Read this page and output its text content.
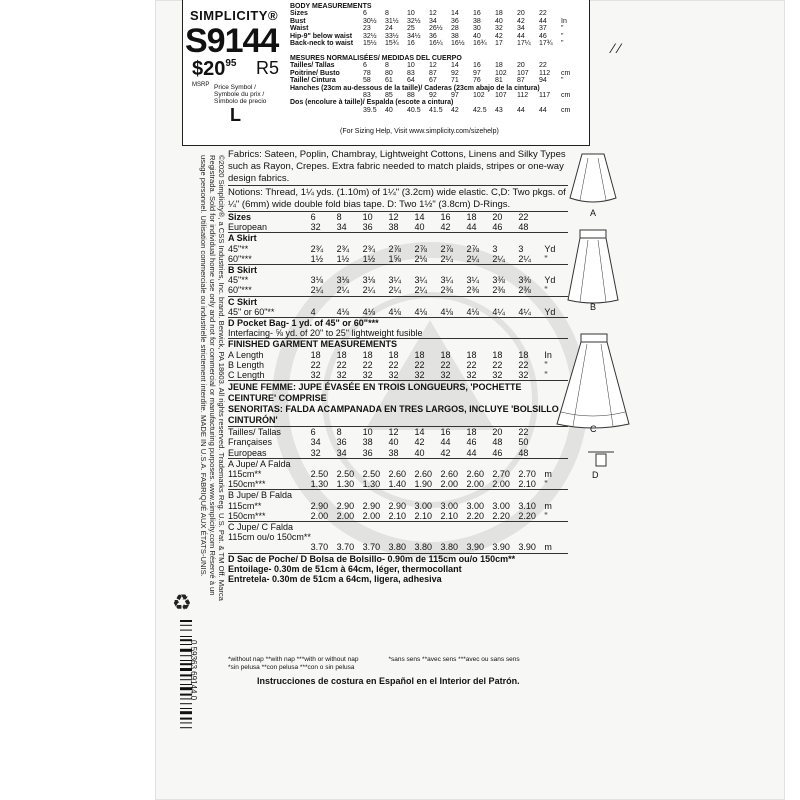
SIMPLICITY®
S9144
$\$20^{95}$ R5
MSRP Price Symbol / Symbole du prix / Símbolo de precio
L
BODY MEASUREMENTS
Sizes	6	8	10	12	14	16	18	20	22	
Bust	30½	31½	32½	34	36	38	40	42	44	In
Waist	23	24	25	26½	28	30	32	34	37	"
Hip-9" below waist	32½	33½	34½	36	38	40	42	44	46	"
Back-neck to waist	15½	15¾	16	16¼	16½	16¾	17	17¼	17¾	"
MESURES NORMALISÉES/ MEDIDAS DEL CUERPO
Tailles/ Tallas	6	8	10	12	14	16	18	20	22	
Poitrine/ Busto	78	80	83	87	92	97	102	107	112	cm
Taille/ Cintura	58	61	64	67	71	76	81	87	94	"
Hanches (23cm au-dessous de la taille)/ Caderas (23cm abajo de la cintura)										
	83	85	88	92	97	102	107	112	117	cm
Dos (encolure à taille)/ Espalda (escote a cintura)										
	39.5	40	40.5	41.5	42	42.5	43	44	44	cm
(For Sizing Help, Visit www.simplicity.com/sizehelp)
©2020 Simplicity®, a CSS Industries, Inc. brand. Berwick, PA 18603. All rights reserved. Trademarks Reg. U.S. Pat. & TM Off. Marca Registrada. Sold for individual home use only and not for commercial or manufacturing purposes. www.simplicity.com Réservé à un usage personnel. Utilisation commerciale ou industrielle strictement interdite. MADE IN U.S.A. FABRIQUÉ AUX ÉTATS-UNIS.
♻
Fabrics: Sateen, Poplin, Chambray, Lightweight Cottons, Linens and Silky Types such as Rayon, Crepes. Extra fabric needed to match plaids, stripes or one-way design fabrics.
Notions: Thread, 1¼ yds. (1.10m) of 1¼" (3.2cm) wide elastic. C,D: Two pkgs. of ¼" (6mm) wide double fold bias tape. D: Two 1½" (3.8cm) D-Rings.
Sizes	6	8	10	12	14	16	18	20	22	
European	32	34	36	38	40	42	44	46	48	
A Skirt										
45"**	2¾	2¾	2¾	2⅞	2⅞	2⅞	2⅞	3	3	Yd
60"***	1½	1½	1½	1⅝	2⅛	2¼	2¼	2¼	2¼	"
B Skirt										
45"**	3⅛	3⅛	3⅛	3¼	3¼	3¼	3¼	3⅜	3⅜	Yd
60"***	2¼	2¼	2¼	2¼	2¼	2⅜	2⅜	2⅜	2⅜	"
C Skirt										
45" or 60"**	4	4⅛	4⅛	4⅛	4⅛	4⅛	4⅛	4¼	4¼	Yd
D Pocket Bag- 1 yd. of 45" or 60"***										
Interfacing- ⅝ yd. of 20" to 25" lightweight fusible										
FINISHED GARMENT MEASUREMENTS										
A Length	18	18	18	18	18	18	18	18	18	In
B Length	22	22	22	22	22	22	22	22	22	"
C Length	32	32	32	32	32	32	32	32	32	"
JEUNE FEMME: JUPE ÉVASÉE EN TROIS LONGUEURS, 'POCHETTE CEINTURE' COMPRISE
SENORITAS: FALDA ACAMPANADA EN TRES LARGOS, INCLUYE 'BOLSILLO CINTURÓN'
Tailles/ Tallas	6	8	10	12	14	16	18	20	22	
Françaises	34	36	38	40	42	44	46	48	50	
Europeas	32	34	36	38	40	42	44	46	48	
A Jupe/ A Falda										
115cm**	2.50	2.50	2.50	2.60	2.60	2.60	2.60	2.70	2.70	m
150cm***	1.30	1.30	1.30	1.40	1.90	2.00	2.00	2.00	2.10	"
B Jupe/ B Falda										
115cm**	2.90	2.90	2.90	2.90	3.00	3.00	3.00	3.00	3.10	m
150cm***	2.00	2.00	2.00	2.10	2.10	2.10	2.20	2.20	2.20	"
C Jupe/ C Falda										
115cm ou/o 150cm**										
	3.70	3.70	3.70	3.80	3.80	3.80	3.90	3.90	3.90	m
D Sac de Poche/ D Bolsa de Bolsillo- 0.90m de 115cm ou/o 150cm**										
Entoilage- 0.30m de 51cm à 64cm, léger, thermocollant										
Entretela- 0.30m de 51cm a 64cm, ligera, adhesiva										
*without nap **with nap ***with or without nap
*sin pelusa **con pelusa ***con o sin pelusa
*sans sens **avec sens ***avec ou sans sens
Instrucciones de costura en Español en el Interior del Patrón.
0 59363 69144 0
⁄ ⁄
A
B
C
D
